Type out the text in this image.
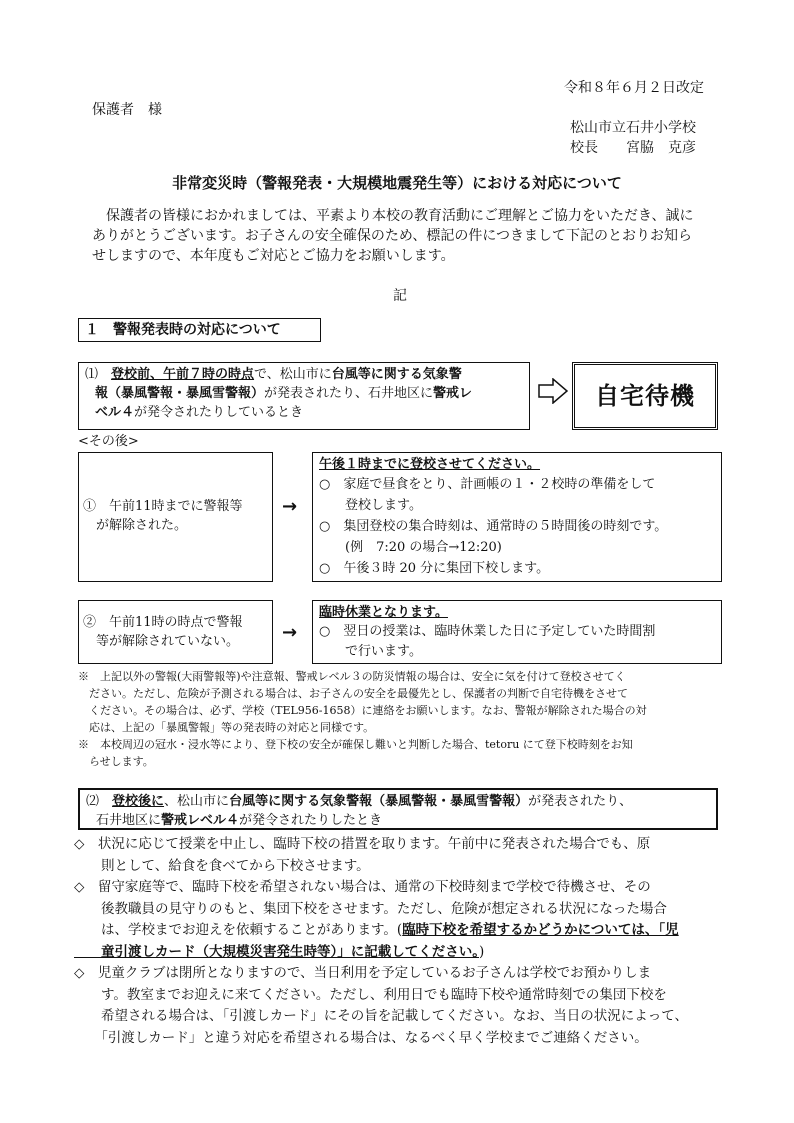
令和８年６月２日改定
保護者　様
松山市立石井小学校
校長　　宮脇　克彦
非常変災時（警報発表・大規模地震発生等）における対応について
保護者の皆様におかれましては、平素より本校の教育活動にご理解とご協力をいただき、誠に
ありがとうございます。お子さんの安全確保のため、標記の件につきまして下記のとおりお知ら
せしますので、本年度もご対応とご協力をお願いします。
記
１　警報発表時の対応について
⑴　 登校前、午前７時の時点で、松山市に台風等に関する気象警
報（暴風警報・暴風雪警報）が発表されたり、石井地区に警戒レ
ベル４が発令されたりしているとき
自宅待機
<その後>
①　午前11時までに警報等
　が解除された。
→
午後１時までに登校させてください。
○　家庭で昼食をとり、計画帳の１・２校時の準備をして
　　登校します。
○　集団登校の集合時刻は、通常時の５時間後の時刻です。
　　(例　7:20 の場合→12:20)
○　午後３時 20 分に集団下校します。
②　午前11時の時点で警報
　等が解除されていない。	→
臨時休業となります。
○　翌日の授業は、臨時休業した日に予定していた時間割
　　で行います。
※　上記以外の警報(大雨警報等)や注意報、警戒レベル３の防災情報の場合は、安全に気を付けて登校させてく
　ださい。ただし、危険が予測される場合は、お子さんの安全を最優先とし、保護者の判断で自宅待機をさせて
　ください。その場合は、必ず、学校（TEL956-1658）に連絡をお願いします。なお、警報が解除された場合の対
　応は、上記の「暴風警報」等の発表時の対応と同様です。
※　本校周辺の冠水・浸水等により、登下校の安全が確保し難いと判断した場合、tetoru にて登下校時刻をお知
　らせします。
⑵　 登校後に、松山市に台風等に関する気象警報（暴風警報・暴風雪警報）が発表されたり、
石井地区に警戒レベル４が発令されたりしたとき
◇　状況に応じて授業を中止し、臨時下校の措置を取ります。午前中に発表された場合でも、原
　　則として、給食を食べてから下校させます。
◇　留守家庭等で、臨時下校を希望されない場合は、通常の下校時刻まで学校で待機させ、その
　　後教職員の見守りのもと、集団下校をさせます。ただし、危険が想定される状況になった場合
　　は、学校までお迎えを依頼することがあります。(臨時下校を希望するかどうかについては、「児
　　童引渡しカード（大規模災害発生時等）」に記載してください。)
◇　児童クラブは閉所となりますので、当日利用を予定しているお子さんは学校でお預かりしま
　　す。教室までお迎えに来てください。ただし、利用日でも臨時下校や通常時刻での集団下校を
　　希望される場合は、「引渡しカード」にその旨を記載してください。なお、当日の状況によって、
　　「引渡しカード」と違う対応を希望される場合は、なるべく早く学校までご連絡ください。
